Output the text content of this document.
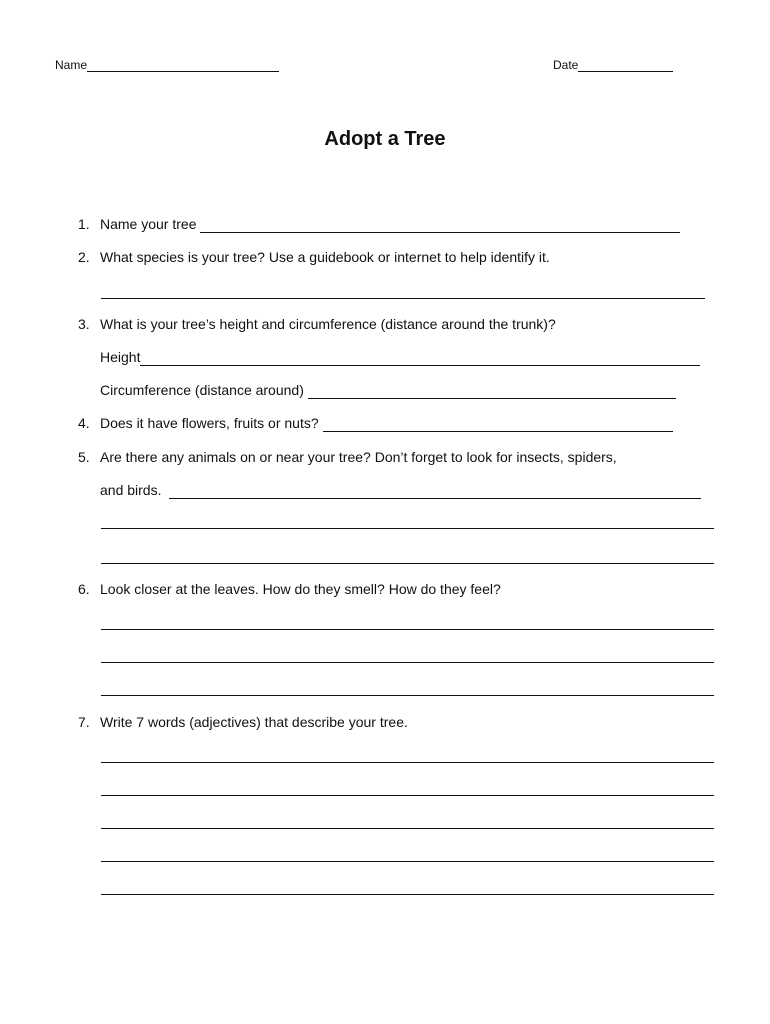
Name	Date
Adopt a Tree
1. Name your tree
2. What species is your tree? Use a guidebook or internet to help identify it.
3. What is your tree’s height and circumference (distance around the trunk)?
Height
Circumference (distance around)
4. Does it have flowers, fruits or nuts?
5. Are there any animals on or near your tree? Don’t forget to look for insects, spiders,
and birds.
6. Look closer at the leaves. How do they smell? How do they feel?
7. Write 7 words (adjectives) that describe your tree.
